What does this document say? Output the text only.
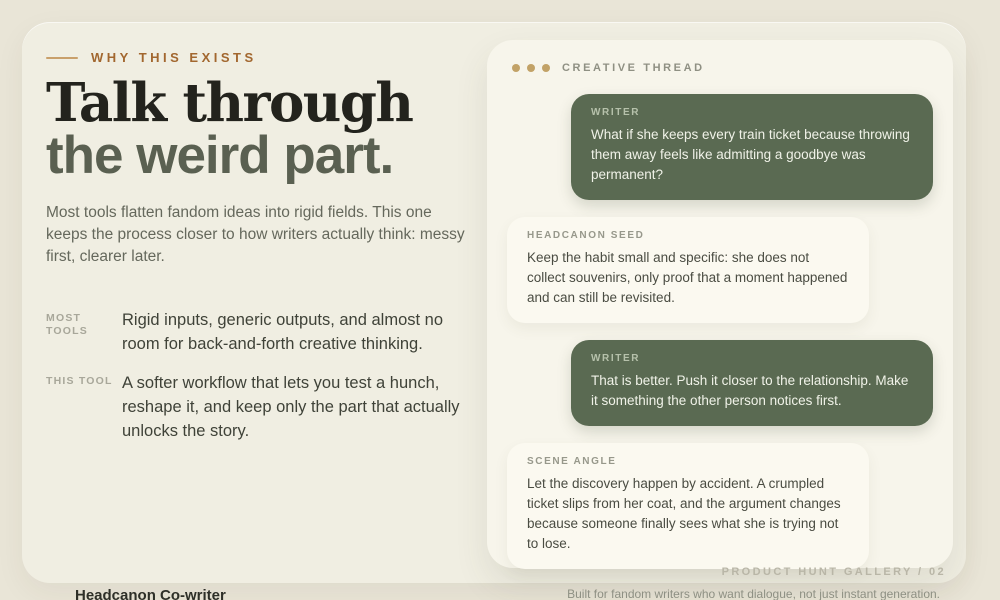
WHY THIS EXISTS
Talk through
the weird part.

Most tools flatten fandom ideas into rigid fields. This one keeps the process closer to how writers actually think: messy first, clearer later.

MOST TOOLS
Rigid inputs, generic outputs, and almost no room for back-and-forth creative thinking.
THIS TOOL A softer workflow that lets you test a hunch, reshape it, and keep only the part that actually unlocks the story.
CREATIVE THREAD
WRITER
What if she keeps every train ticket because throwing them away feels like admitting a goodbye was permanent?
HEADCANON SEED
Keep the habit small and specific: she does not collect souvenirs, only proof that a moment happened and can still be revisited.
WRITER
That is better. Push it closer to the relationship. Make it something the other person notices first.
SCENE ANGLE
Let the discovery happen by accident. A crumpled ticket slips from her coat, and the argument changes because someone finally sees what she is trying not to lose.
PRODUCT HUNT GALLERY / 02
Headcanon Co-writer	Built for fandom writers who want dialogue, not just instant generation.
